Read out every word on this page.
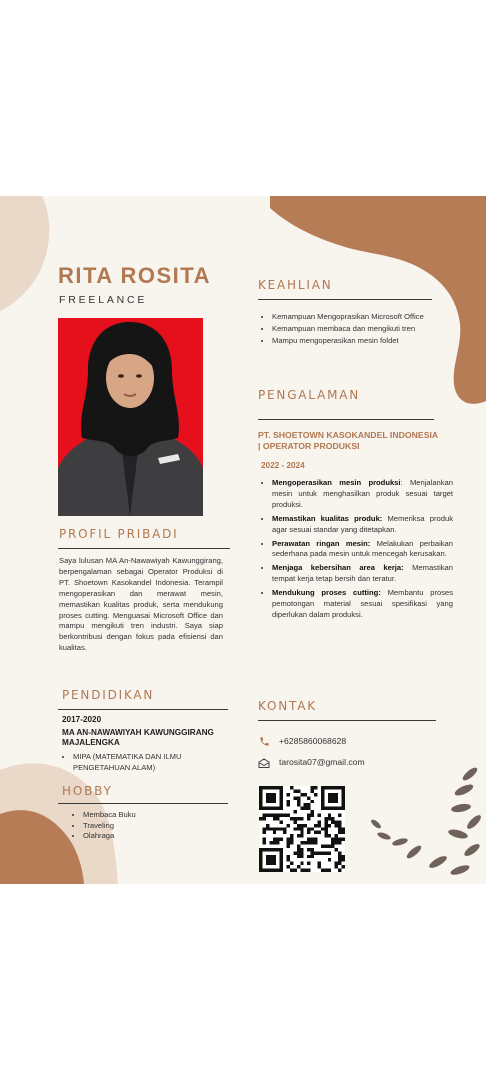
RITA ROSITA
FREELANCE
PROFIL PRIBADI
Saya lulusan MA An-Nawawiyah Kawunggirang, berpengalaman sebagai Operator Produksi di PT. Shoetown Kasokandel Indonesia. Terampil mengoperasikan dan merawat mesin, memastikan kualitas produk, serta mendukung proses cutting. Menguasai Microsoft Office dan mampu mengikuti tren industri. Saya siap berkontribusi dengan fokus pada efisiensi dan kualitas.
PENDIDIKAN
2017-2020
MA AN-NAWAWIYAH KAWUNGGIRANG MAJALENGKA
• MIPA (MATEMATIKA DAN ILMU PENGETAHUAN ALAM)
HOBBY
• Membaca Buku
• Traveling
• Olahraga
KEAHLIAN
• Kemampuan Mengoprasikan Microsoft Office
• Kemampuan membaca dan mengikuti tren
• Mampu mengoperasikan mesin foldet
PENGALAMAN
PT. SHOETOWN KASOKANDEL INDONESIA | OPERATOR PRODUKSI
2022 - 2024
• Mengoperasikan mesin produksi: Menjalankan mesin untuk menghasilkan produk sesuai target produksi.
• Memastikan kualitas produk: Memeriksa produk agar sesuai standar yang ditetapkan.
• Perawatan ringan mesin: Melakukan perbaikan sederhana pada mesin untuk mencegah kerusakan.
• Menjaga kebersihan area kerja: Memastikan tempat kerja tetap bersih dan teratur.
• Mendukung proses cutting: Membantu proses pemotongan material sesuai spesifikasi yang diperlukan dalam produksi.
KONTAK
+6285860068628
tarosita07@gmail.com
